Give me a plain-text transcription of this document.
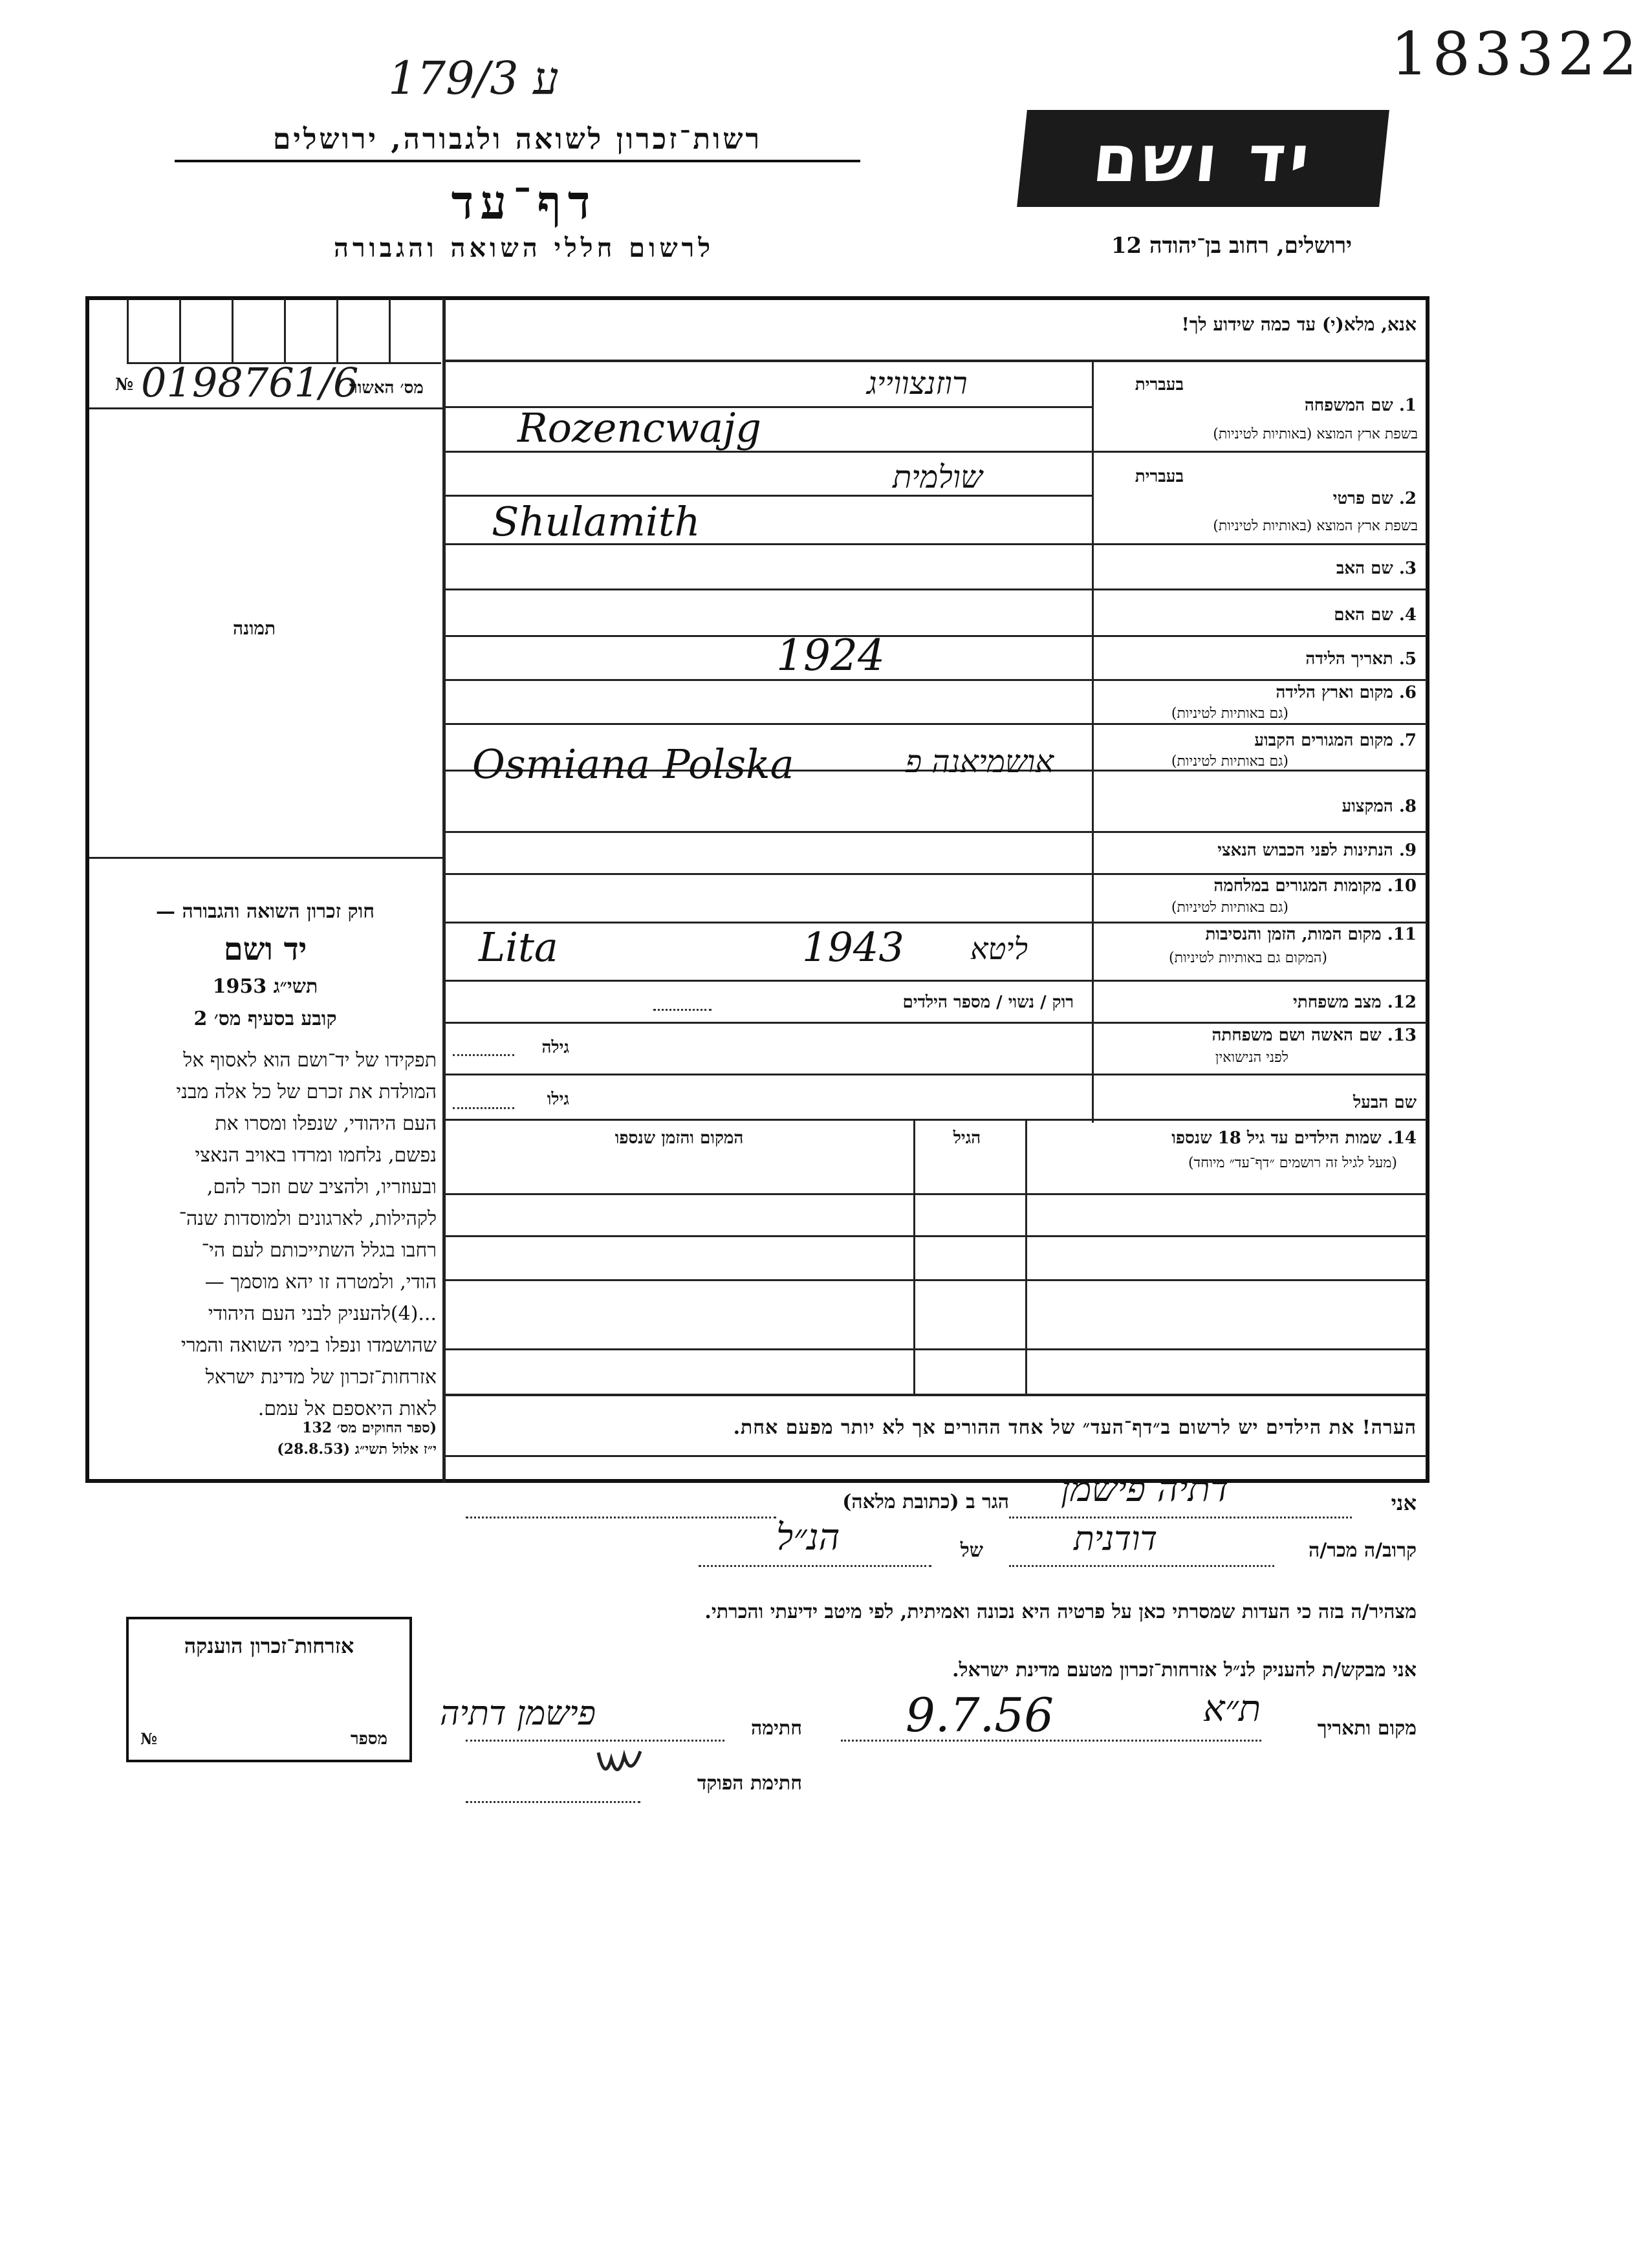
183322
179/ע 3
רשות־זכרון לשואה ולגבורה, ירושלים
דף־עד
לרשום חללי השואה והגבורה
יד ושם
ירושלים, רחוב בן־יהודה 12
№ 0198761/6
מס׳ האשור
תמונה
חוק זכרון השואה והגבורה —
יד ושם
תשי״ג 1953
קובע בסעיף מס׳ 2
תפקידו של יד־ושם הוא לאסוף אל
המולדת את זכרם של כל אלה מבני
העם היהודי, שנפלו ומסרו את
נפשם, נלחמו ומרדו באויב הנאצי
ובעוזריו, ולהציב שם וזכר להם,
לקהילות, לארגונים ולמוסדות שנה־
רחבו בגלל השתייכותם לעם הי־
הודי, ולמטרה זו יהא מוסמך —
...(4)להעניק לבני העם היהודי
שהושמדו ונפלו בימי השואה והמרי
אזרחות־זכרון של מדינת ישראל
לאות היאספם אל עמם.
(ספר החוקים מס׳ 132
י״ז אלול תשי״ג (28.8.53)
אנא, מלא(י) עד כמה שידוע לך!
בעברית
1. שם המשפחה
בשפת ארץ המוצא (באותיות לטיניות)
רוזנצווייג
Rozencwajg
בעברית
2. שם פרטי
בשפת ארץ המוצא (באותיות לטיניות)
שולמית
Shulamith
3. שם האב
4. שם האם
5. תאריך הלידה
1924
6. מקום וארץ הלידה
(גם באותיות לטיניות)
7. מקום המגורים הקבוע
(גם באותיות לטיניות)
Osmiana Polska	אושמיאנה פ
8. המקצוע
9. הנתינות לפני הכבוש הנאצי
10. מקומות המגורים במלחמה
(גם באותיות לטיניות)
11. מקום המות, הזמן והנסיבות
(המקום גם באותיות לטיניות)
Lita	1943 ליטא
12. מצב משפחתי
רוק / נשוי / מספר הילדים
13. שם האשה ושם משפחתה
לפני הנישואין
גילה
שם הבעל
גילו
14. שמות הילדים עד גיל 18 שנספו
(מעל לגיל זה רושמים ״דף־עד״ מיוחד)
הגיל
המקום והזמן שנספו
הערה! את הילדים יש לרשום ב״דף־העד״ של אחד ההורים אך לא יותר מפעם אחת.
אני
דתיה פישמן
הגר ב (כתובת מלאה)
קרוב/ה מכר/ה
דודנית
של
הנ״ל
מצהיר/ה בזה כי העדות שמסרתי כאן על פרטיה היא נכונה ואמיתית, לפי מיטב ידיעתי והכרתי.
אני מבקש/ת להעניק לנ״ל אזרחות־זכרון מטעם מדינת ישראל.
מקום ותאריך
ת״א
9.7.56
חתימה
פישמן דתיה
חתימת הפוקד
אזרחות־זכרון הוענקה
№	מספר
